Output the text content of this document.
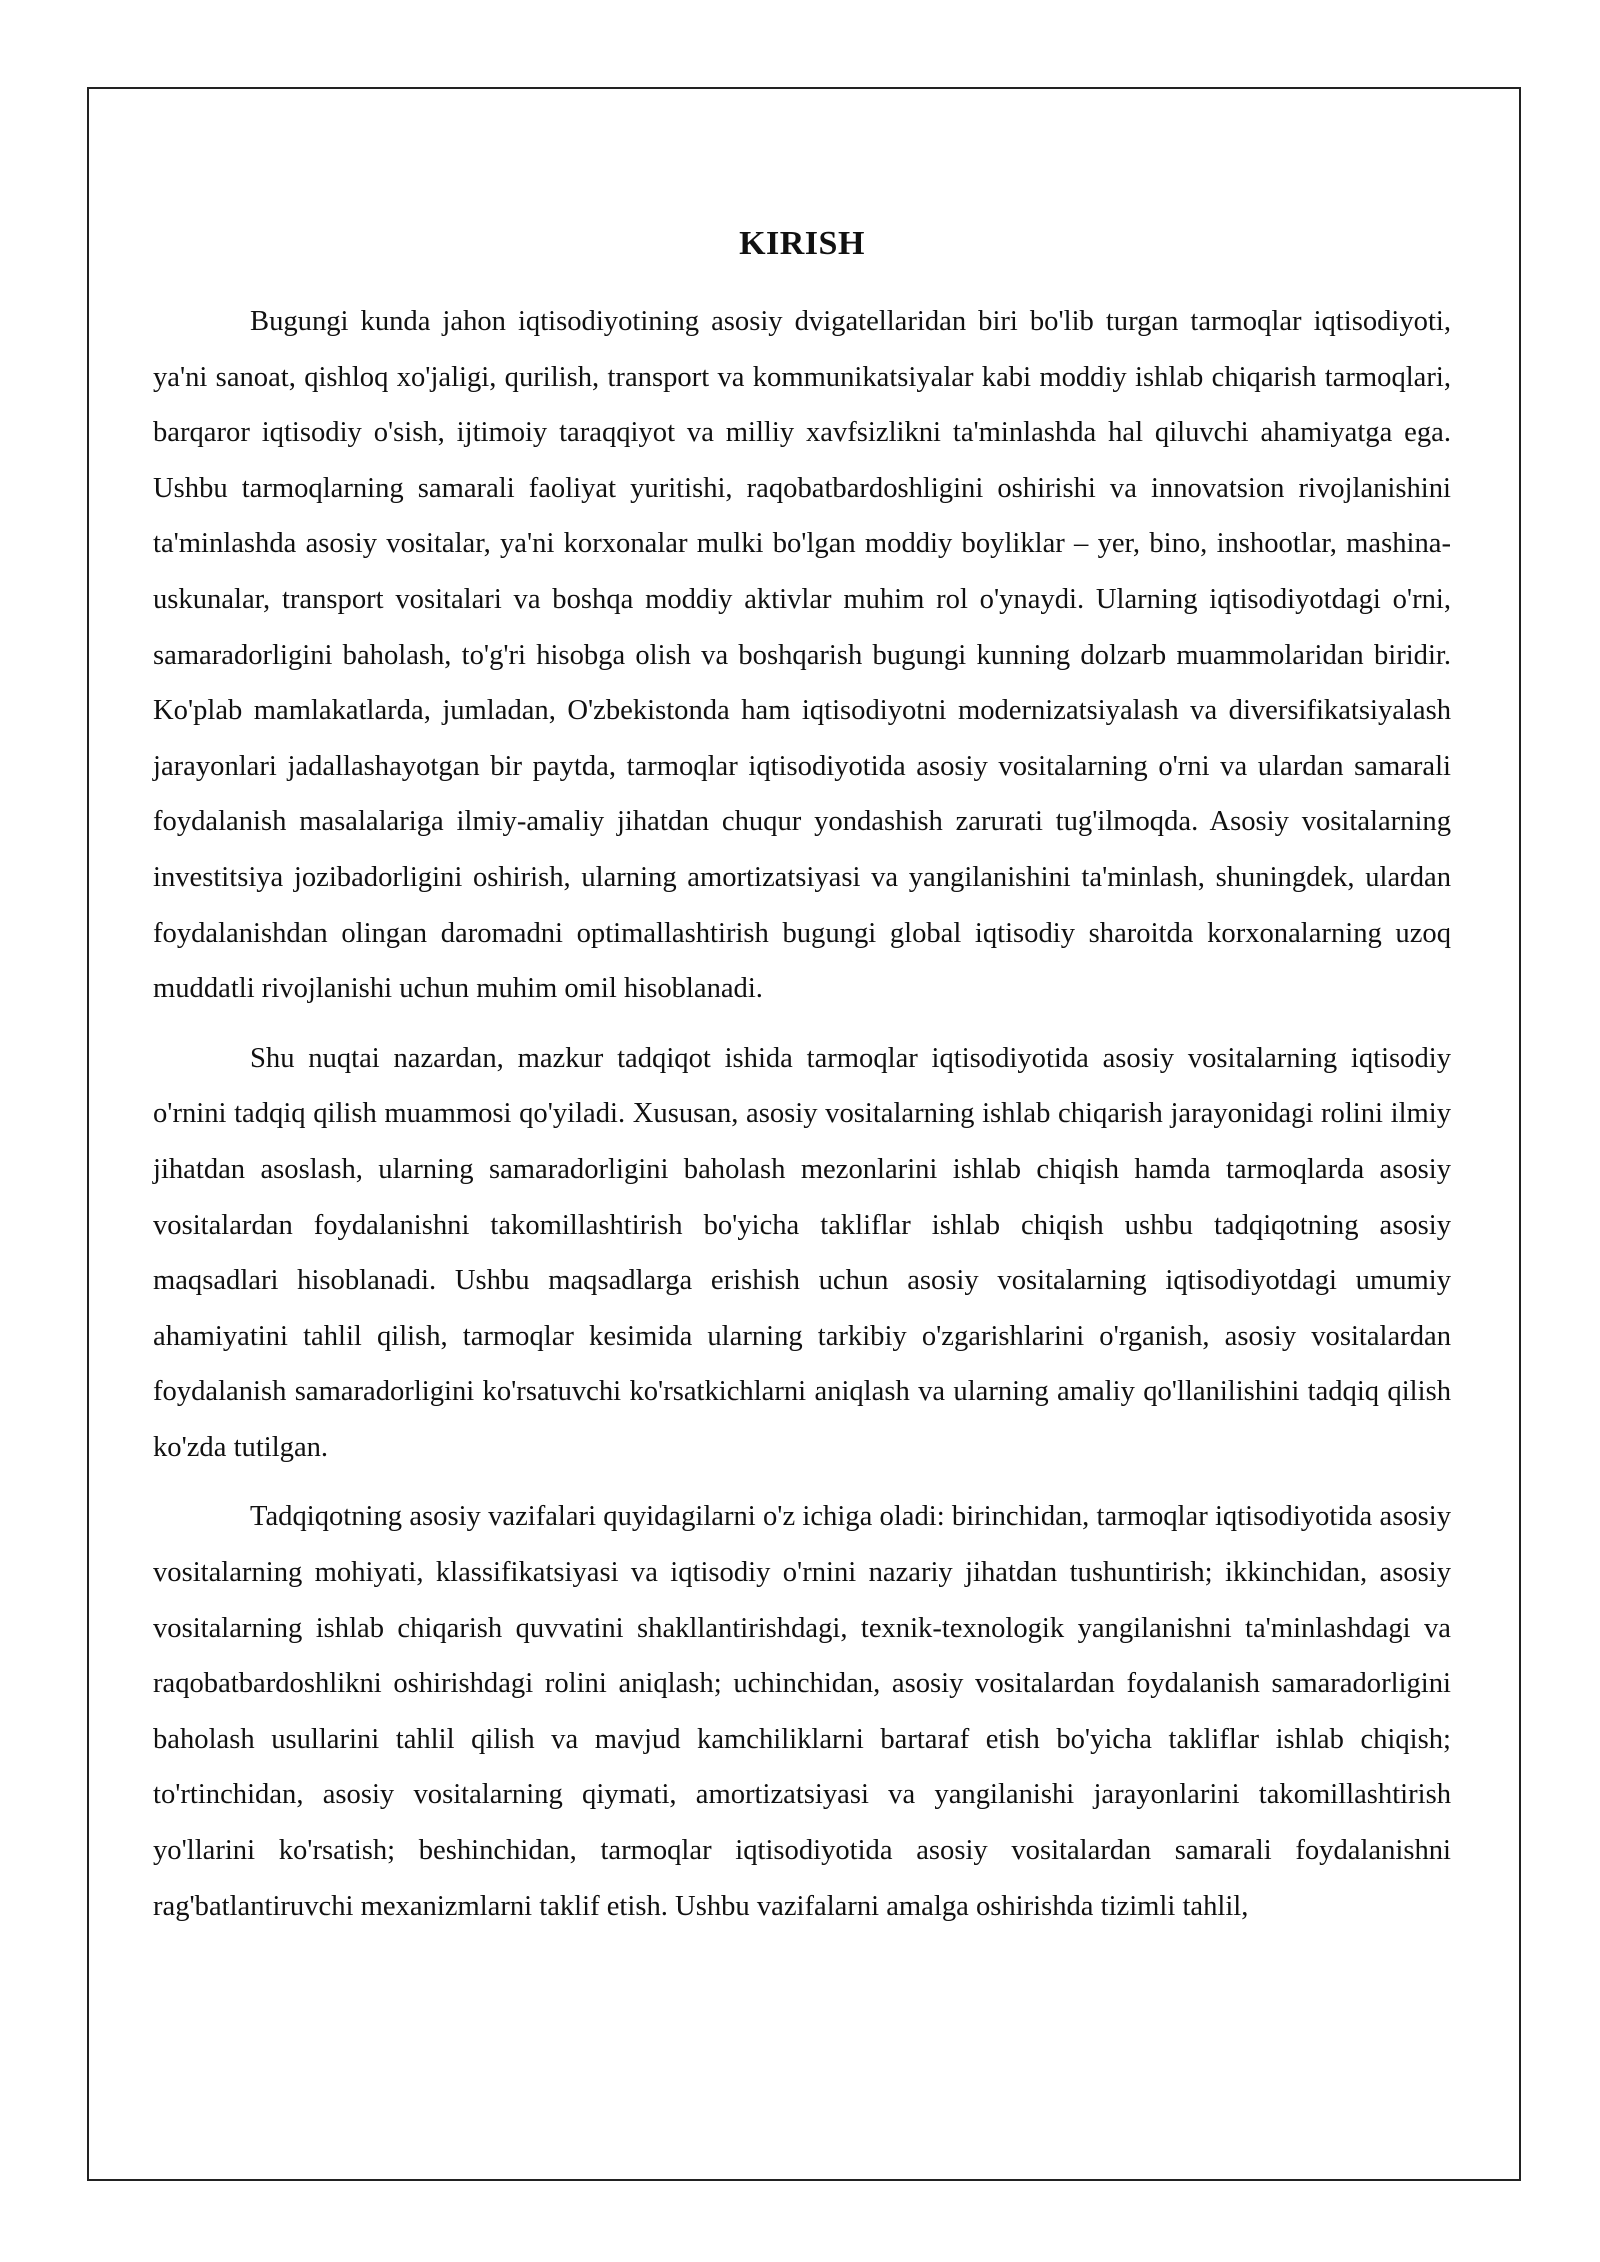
KIRISH

Bugungi kunda jahon iqtisodiyotining asosiy dvigatellaridan biri bo'lib turgan tarmoqlar iqtisodiyoti, ya'ni sanoat, qishloq xo'jaligi, qurilish, transport va kommunikatsiyalar kabi moddiy ishlab chiqarish tarmoqlari, barqaror iqtisodiy o'sish, ijtimoiy taraqqiyot va milliy xavfsizlikni ta'minlashda hal qiluvchi ahamiyatga ega. Ushbu tarmoqlarning samarali faoliyat yuritishi, raqobatbardoshligini oshirishi va innovatsion rivojlanishini ta'minlashda asosiy vositalar, ya'ni korxonalar mulki bo'lgan moddiy boyliklar – yer, bino, inshootlar, mashina-uskunalar, transport vositalari va boshqa moddiy aktivlar muhim rol o'ynaydi. Ularning iqtisodiyotdagi o'rni, samaradorligini baholash, to'g'ri hisobga olish va boshqarish bugungi kunning dolzarb muammolaridan biridir. Ko'plab mamlakatlarda, jumladan, O'zbekistonda ham iqtisodiyotni modernizatsiyalash va diversifikatsiyalash jarayonlari jadallashayotgan bir paytda, tarmoqlar iqtisodiyotida asosiy vositalarning o'rni va ulardan samarali foydalanish masalalariga ilmiy-amaliy jihatdan chuqur yondashish zarurati tug'ilmoqda. Asosiy vositalarning investitsiya jozibadorligini oshirish, ularning amortizatsiyasi va yangilanishini ta'minlash, shuningdek, ulardan foydalanishdan olingan daromadni optimallashtirish bugungi global iqtisodiy sharoitda korxonalarning uzoq muddatli rivojlanishi uchun muhim omil hisoblanadi.

Shu nuqtai nazardan, mazkur tadqiqot ishida tarmoqlar iqtisodiyotida asosiy vositalarning iqtisodiy o'rnini tadqiq qilish muammosi qo'yiladi. Xususan, asosiy vositalarning ishlab chiqarish jarayonidagi rolini ilmiy jihatdan asoslash, ularning samaradorligini baholash mezonlarini ishlab chiqish hamda tarmoqlarda asosiy vositalardan foydalanishni takomillashtirish bo'yicha takliflar ishlab chiqish ushbu tadqiqotning asosiy maqsadlari hisoblanadi. Ushbu maqsadlarga erishish uchun asosiy vositalarning iqtisodiyotdagi umumiy ahamiyatini tahlil qilish, tarmoqlar kesimida ularning tarkibiy o'zgarishlarini o'rganish, asosiy vositalardan foydalanish samaradorligini ko'rsatuvchi ko'rsatkichlarni aniqlash va ularning amaliy qo'llanilishini tadqiq qilish ko'zda tutilgan.

Tadqiqotning asosiy vazifalari quyidagilarni o'z ichiga oladi: birinchidan, tarmoqlar iqtisodiyotida asosiy vositalarning mohiyati, klassifikatsiyasi va iqtisodiy o'rnini nazariy jihatdan tushuntirish; ikkinchidan, asosiy vositalarning ishlab chiqarish quvvatini shakllantirishdagi, texnik-texnologik yangilanishni ta'minlashdagi va raqobatbardoshlikni oshirishdagi rolini aniqlash; uchinchidan, asosiy vositalardan foydalanish samaradorligini baholash usullarini tahlil qilish va mavjud kamchiliklarni bartaraf etish bo'yicha takliflar ishlab chiqish; to'rtinchidan, asosiy vositalarning qiymati, amortizatsiyasi va yangilanishi jarayonlarini takomillashtirish yo'llarini ko'rsatish; beshinchidan, tarmoqlar iqtisodiyotida asosiy vositalardan samarali foydalanishni rag'batlantiruvchi mexanizmlarni taklif etish. Ushbu vazifalarni amalga oshirishda tizimli tahlil,
